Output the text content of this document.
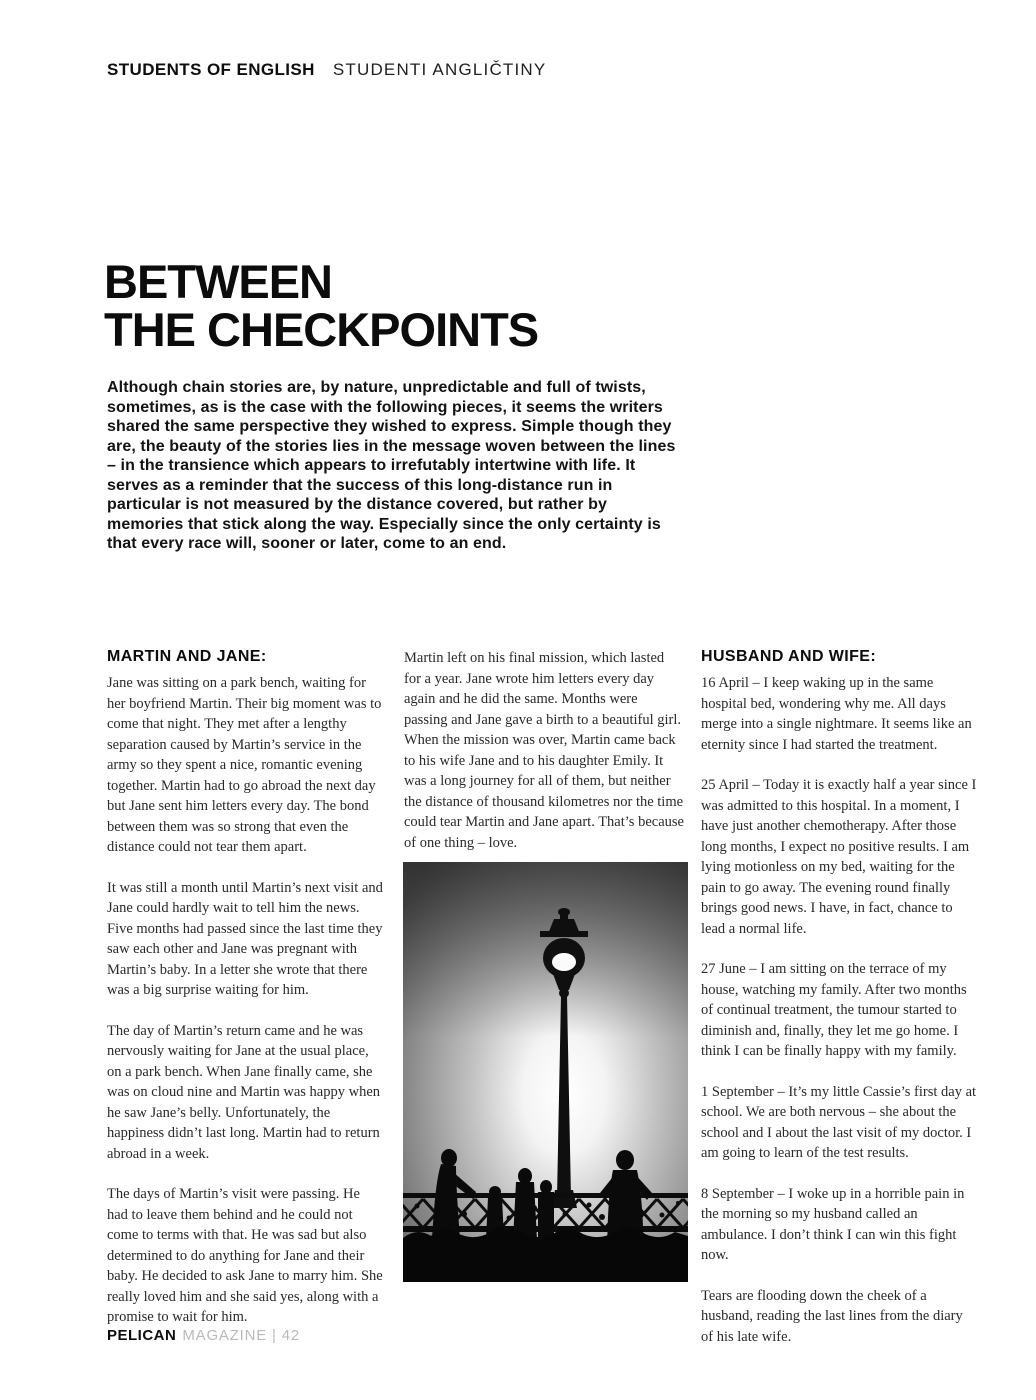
STUDENTS OF ENGLISH STUDENTI ANGLIČTINY
BETWEEN
THE CHECKPOINTS

Although chain stories are, by nature, unpredictable and full of twists, sometimes, as is the case with the following pieces, it seems the writers shared the same perspective they wished to express. Simple though they are, the beauty of the stories lies in the message woven between the lines – in the transience which appears to irrefutably intertwine with life. It serves as a reminder that the success of this long-distance run in particular is not measured by the distance covered, but rather by memories that stick along the way. Especially since the only certainty is that every race will, sooner or later, come to an end.

MARTIN AND JANE:

Jane was sitting on a park bench, waiting for her boyfriend Martin. Their big moment was to come that night. They met after a lengthy separation caused by Martin’s service in the army so they spent a nice, romantic evening together. Martin had to go abroad the next day but Jane sent him letters every day. The bond between them was so strong that even the distance could not tear them apart.

It was still a month until Martin’s next visit and Jane could hardly wait to tell him the news. Five months had passed since the last time they saw each other and Jane was pregnant with Martin’s baby. In a letter she wrote that there was a big surprise waiting for him.

The day of Martin’s return came and he was nervously waiting for Jane at the usual place, on a park bench. When Jane finally came, she was on cloud nine and Martin was happy when he saw Jane’s belly. Unfortunately, the happiness didn’t last long. Martin had to return abroad in a week.

The days of Martin’s visit were passing. He had to leave them behind and he could not come to terms with that. He was sad but also determined to do anything for Jane and their baby. He decided to ask Jane to marry him. She really loved him and she said yes, along with a promise to wait for him.

Martin left on his final mission, which lasted for a year. Jane wrote him letters every day again and he did the same. Months were passing and Jane gave a birth to a beautiful girl. When the mission was over, Martin came back to his wife Jane and to his daughter Emily. It was a long journey for all of them, but neither the distance of thousand kilometres nor the time could tear Martin and Jane apart. That’s because of one thing – love.

HUSBAND AND WIFE:

16 April – I keep waking up in the same hospital bed, wondering why me. All days merge into a single nightmare. It seems like an eternity since I had started the treatment.

25 April – Today it is exactly half a year since I was admitted to this hospital. In a moment, I have just another chemotherapy. After those long months, I expect no positive results. I am lying motionless on my bed, waiting for the pain to go away. The evening round finally brings good news. I have, in fact, chance to lead a normal life.

27 June – I am sitting on the terrace of my house, watching my family. After two months of continual treatment, the tumour started to diminish and, finally, they let me go home. I think I can be finally happy with my family.

1 September – It’s my little Cassie’s first day at school. We are both nervous – she about the school and I about the last visit of my doctor. I am going to learn of the test results.

8 September – I woke up in a horrible pain in the morning so my husband called an ambulance. I don’t think I can win this fight now.

Tears are flooding down the cheek of a husband, reading the last lines from the diary of his late wife.

PELICAN MAGAZINE | 42
